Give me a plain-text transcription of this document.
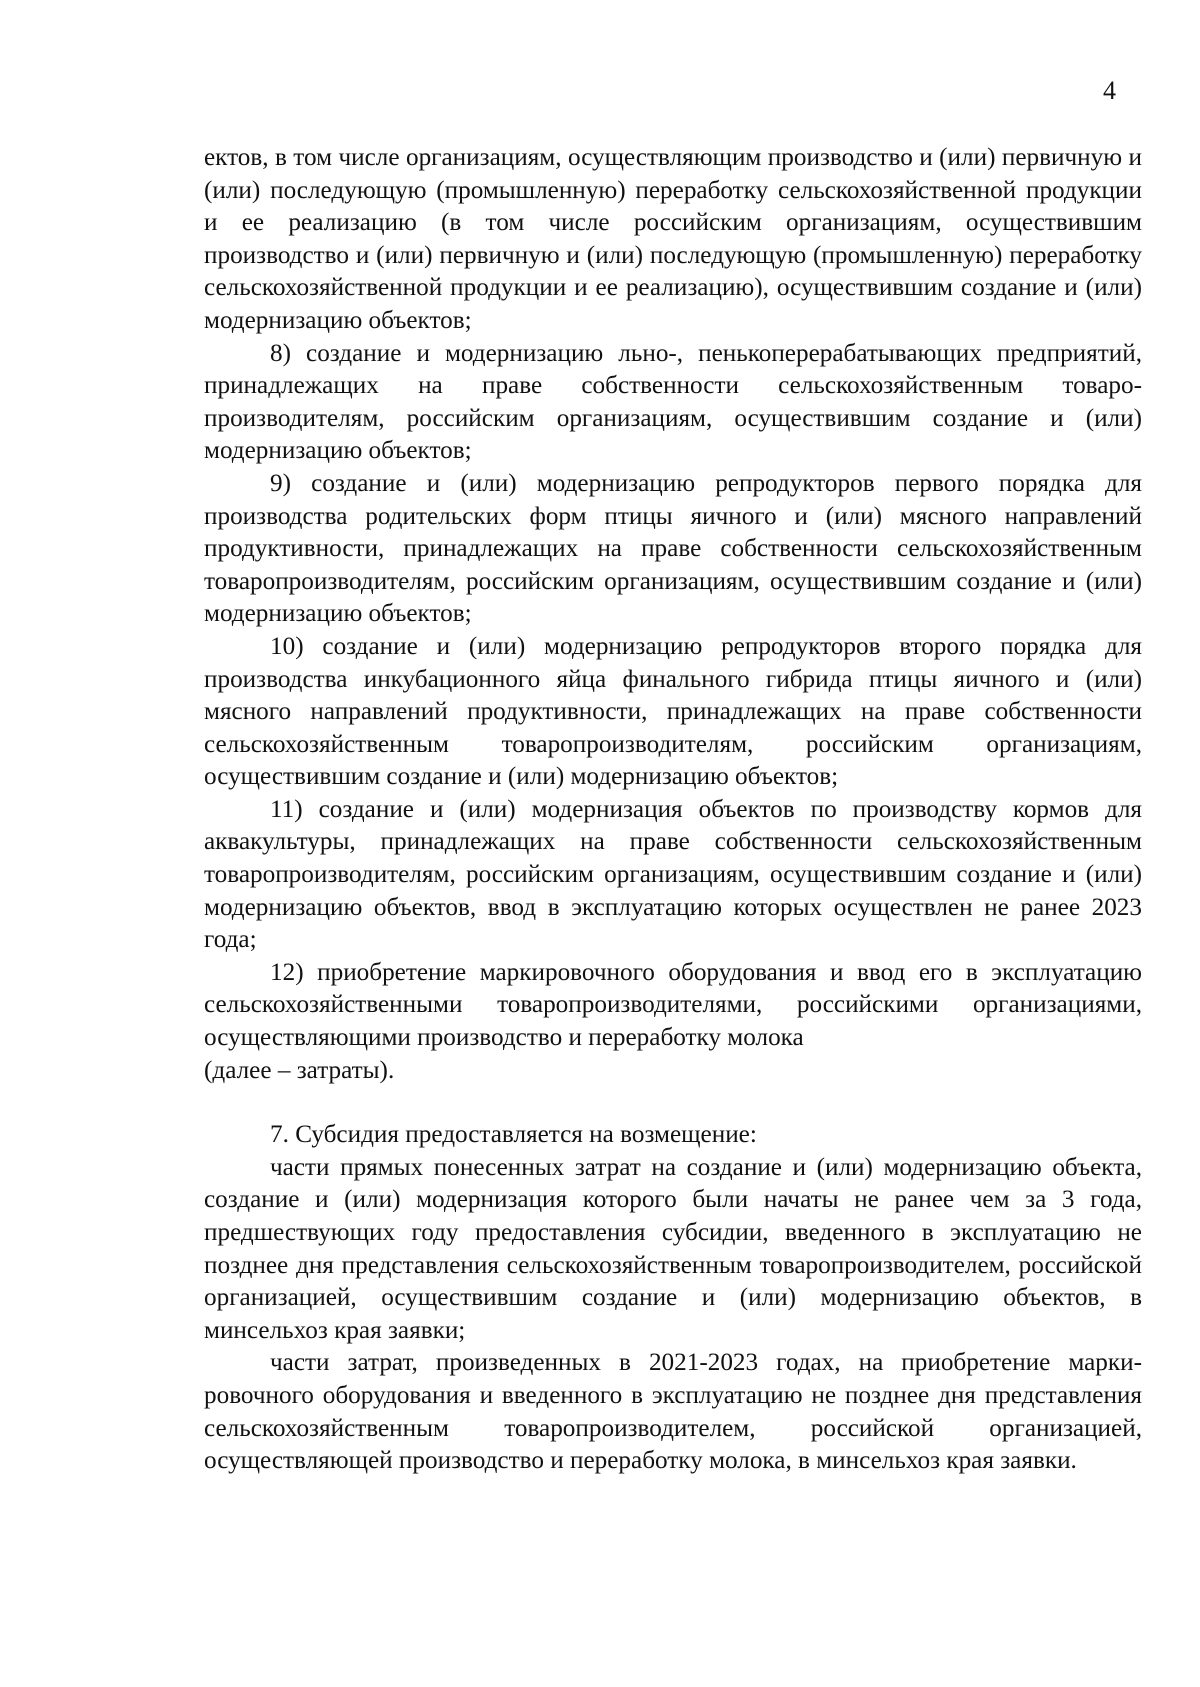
4

ектов, в том числе организациям, осуществляющим производство и (или) первичную и (или) последующую (промышленную) переработку сельскохозяйственной продукции и ее реализацию (в том числе российским организациям, осуществившим производство и (или) первичную и (или) последующую (промышленную) переработку сельскохозяйственной продукции и ее реализацию), осуществившим создание и (или) модернизацию объектов;

8) создание и модернизацию льно-, пенькоперерабатывающих предприятий, принадлежащих на праве собственности сельскохозяйственным товаропроизводителям, российским организациям, осуществившим создание и (или) модернизацию объектов;

9) создание и (или) модернизацию репродукторов первого порядка для производства родительских форм птицы яичного и (или) мясного направлений продуктивности, принадлежащих на праве собственности сельскохозяйственным товаропроизводителям, российским организациям, осуществившим создание и (или) модернизацию объектов;

10) создание и (или) модернизацию репродукторов второго порядка для производства инкубационного яйца финального гибрида птицы яичного и (или) мясного направлений продуктивности, принадлежащих на праве собственности сельскохозяйственным товаропроизводителям, российским организациям, осуществившим создание и (или) модернизацию объектов;

11) создание и (или) модернизация объектов по производству кормов для аквакультуры, принадлежащих на праве собственности сельскохозяйственным товаропроизводителям, российским организациям, осуществившим создание и (или) модернизацию объектов, ввод в эксплуатацию которых осуществлен не ранее 2023 года;

12) приобретение маркировочного оборудования и ввод его в эксплуатацию сельскохозяйственными товаропроизводителями, российскими организациями, осуществляющими производство и переработку молока

(далее – затраты).

7. Субсидия предоставляется на возмещение:

части прямых понесенных затрат на создание и (или) модернизацию объекта, создание и (или) модернизация которого были начаты не ранее чем за 3 года, предшествующих году предоставления субсидии, введенного в эксплуатацию не позднее дня представления сельскохозяйственным товаропроизводителем, российской организацией, осуществившим создание и (или) модернизацию объектов, в минсельхоз края заявки;

части затрат, произведенных в 2021-2023 годах, на приобретение маркировочного оборудования и введенного в эксплуатацию не позднее дня представления сельскохозяйственным товаропроизводителем, российской организацией, осуществляющей производство и переработку молока, в минсельхоз края заявки.
